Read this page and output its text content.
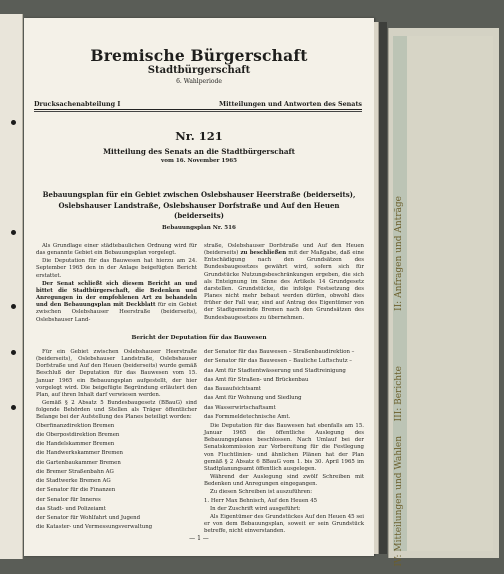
Bremische Bürgerschaft
Stadtbürgerschaft
6. Wahlperiode
Drucksachenabteilung I	Mitteilungen und Antworten des Senats
Nr. 121
Mitteilung des Senats an die Stadtbürgerschaft
vom 16. November 1965
Bebauungsplan für ein Gebiet zwischen Oslebshauser Heerstraße (beiderseits), Oslebshauser Landstraße, Oslebshauser Dorfstraße und Auf den Heuen (beiderseits)
Bebauungsplan Nr. 516

Als Grundlage einer städtebaulichen Ordnung wird für das genannte Gebiet ein Bebauungsplan vorgelegt.

Die Deputation für das Bauwesen hat hierzu am 24. September 1965 den in der Anlage beigefügten Bericht erstattet.

Der Senat schließt sich diesem Bericht an und bittet die Stadtbürgerschaft, die Bedenken und Anregungen in der empfohlenen Art zu behandeln und den Bebauungsplan mit Deckblatt für ein Gebiet zwischen Oslebshauser Heerstraße (beiderseits), Oslebshauser Land-

straße, Oslebshauser Dorfstraße und Auf den Heuen (beiderseits) zu beschließen mit der Maßgabe, daß eine Entschädigung nach den Grundsätzen des Bundesbaugesetzes gewährt wird, sofern sich für Grundstücke Nutzungsbeschränkungen ergeben, die sich als Enteignung im Sinne des Artikels 14 Grundgesetz darstellen. Grundstücke, die infolge Festsetzung des Planes nicht mehr bebaut werden dürfen, obwohl dies früher der Fall war, sind auf Antrag des Eigentümer von der Stadtgemeinde Bremen nach den Grundsätzen des Bundesbaugesetzes zu übernehmen.

Bericht der Deputation für das Bauwesen

Für ein Gebiet zwischen Oslebshauser Heerstraße (beiderseits), Oslebshauser Landstraße, Oslebshauser Dorfstraße und Auf den Heuen (beiderseits) wurde gemäß Beschluß der Deputation für das Bauwesen vom 15. Januar 1965 ein Bebauungsplan aufgestellt, der hier vorgelegt wird. Die beigefügte Begründung erläutert den Plan, auf ihren Inhalt darf verwiesen werden.

Gemäß § 2 Absatz 5 Bundesbaugesetz (BBauG) sind folgende Behörden und Stellen als Träger öffentlicher Belange bei der Aufstellung des Planes beteiligt worden:

Oberfinanzdirektion Bremen

die Oberpostdirektion Bremen

die Handelskammer Bremen

die Handwerkskammer Bremen

die Gartenbaukammer Bremen

die Bremer Straßenbahn AG

die Stadtwerke Bremen AG

der Senator für die Finanzen

der Senator für Inneres

das Stadt- und Polizeiamt

der Senator für Wohlfahrt und Jugend

die Kataster- und Vermessungsverwaltung

der Senator für das Bauwesen – Straßenbaudirektion –

der Senator für das Bauwesen – Bauliche Luftschutz –

das Amt für Stadtentwässerung und Stadtreinigung

das Amt für Straßen- und Brückenbau

das Bauaufsichtsamt

das Amt für Wohnung und Siedlung

das Wasserwirtschaftsamt

das Formmeldetechnische Amt.

Die Deputation für das Bauwesen hat ebenfalls am 15. Januar 1965 die öffentliche Auslegung des Bebauungsplanes beschlossen. Nach Umlauf bei der Senatskommission zur Vorbereitung für die Festlegung von Fluchtlinien- und ähnlichen Plänen hat der Plan gemäß § 2 Absatz 6 BBauG vom 1. bis 30. April 1965 im Stadtplanungsamt öffentlich ausgelegen.

Während der Auslegung sind zwölf Schreiben mit Bedenken und Anregungen eingegangen.

Zu diesen Schreiben ist auszuführen:

1. Herr Max Behnisch, Auf den Heuen 45

In der Zuschrift wird ausgeführt:

Als Eigentümer des Grundstückes Auf den Heuen 45 sei er von dem Bebauungsplan, soweit er sein Grundstück betreffe, nicht einverstanden.

— 1 —
II: Anfragen und Anträge
III: Berichte
IV: Mitteilungen und Wahlen
